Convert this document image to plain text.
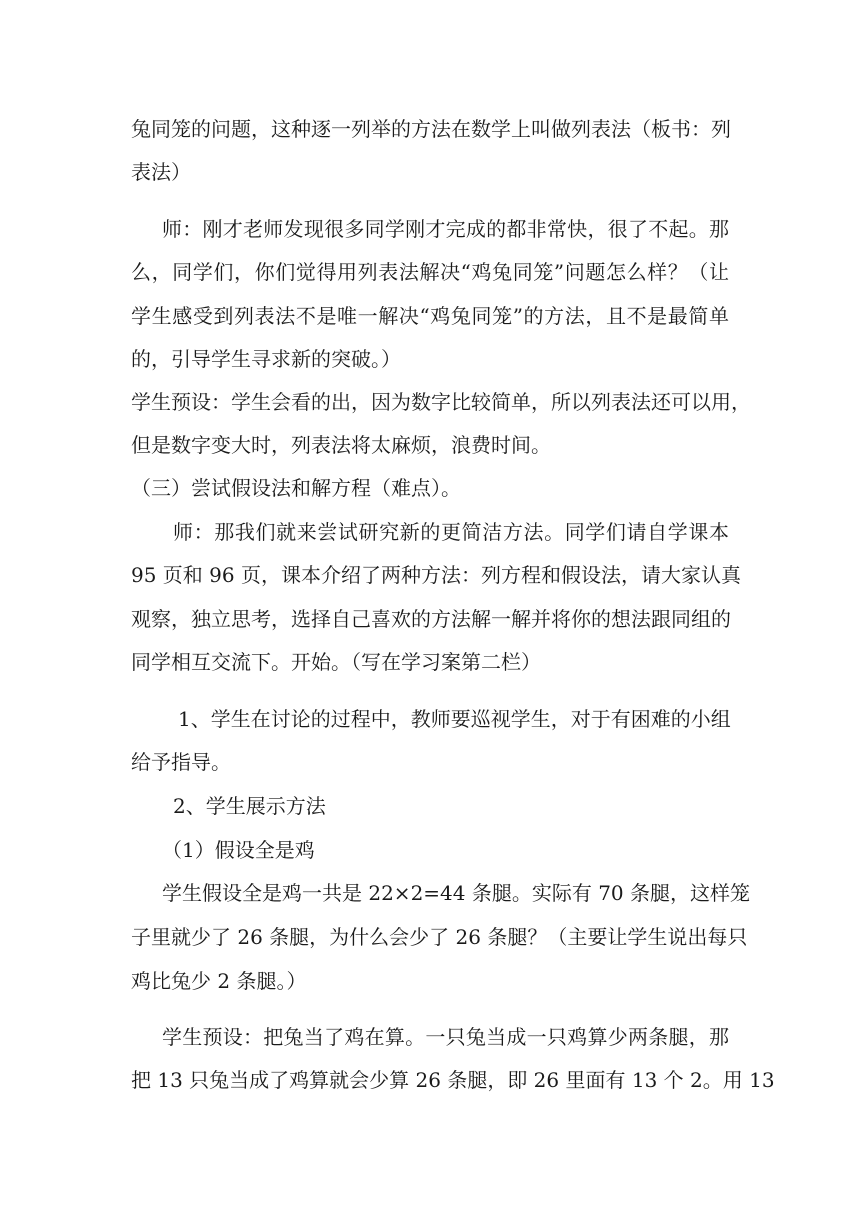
兔同笼的问题，这种逐一列举的方法在数学上叫做列表法（板书：列
表法）
师：刚才老师发现很多同学刚才完成的都非常快，很了不起。那
么，同学们，你们觉得用列表法解决“鸡兔同笼”问题怎么样？（让
学生感受到列表法不是唯一解决“鸡兔同笼”的方法，且不是最简单
的，引导学生寻求新的突破。）
学生预设：学生会看的出，因为数字比较简单，所以列表法还可以用，
但是数字变大时，列表法将太麻烦，浪费时间。
（三）尝试假设法和解方程（难点）。
师：那我们就来尝试研究新的更简洁方法。同学们请自学课本
95 页和 96 页，课本介绍了两种方法：列方程和假设法，请大家认真
观察，独立思考，选择自己喜欢的方法解一解并将你的想法跟同组的
同学相互交流下。开始。（写在学习案第二栏）
1、学生在讨论的过程中，教师要巡视学生，对于有困难的小组
给予指导。
2、学生展示方法
（1）假设全是鸡
学生假设全是鸡一共是 22×2=44 条腿。实际有 70 条腿，这样笼
子里就少了 26 条腿，为什么会少了 26 条腿？（主要让学生说出每只
鸡比兔少 2 条腿。）
学生预设：把兔当了鸡在算。一只兔当成一只鸡算少两条腿，那
把 13 只兔当成了鸡算就会少算 26 条腿，即 26 里面有 13 个 2。用 13
